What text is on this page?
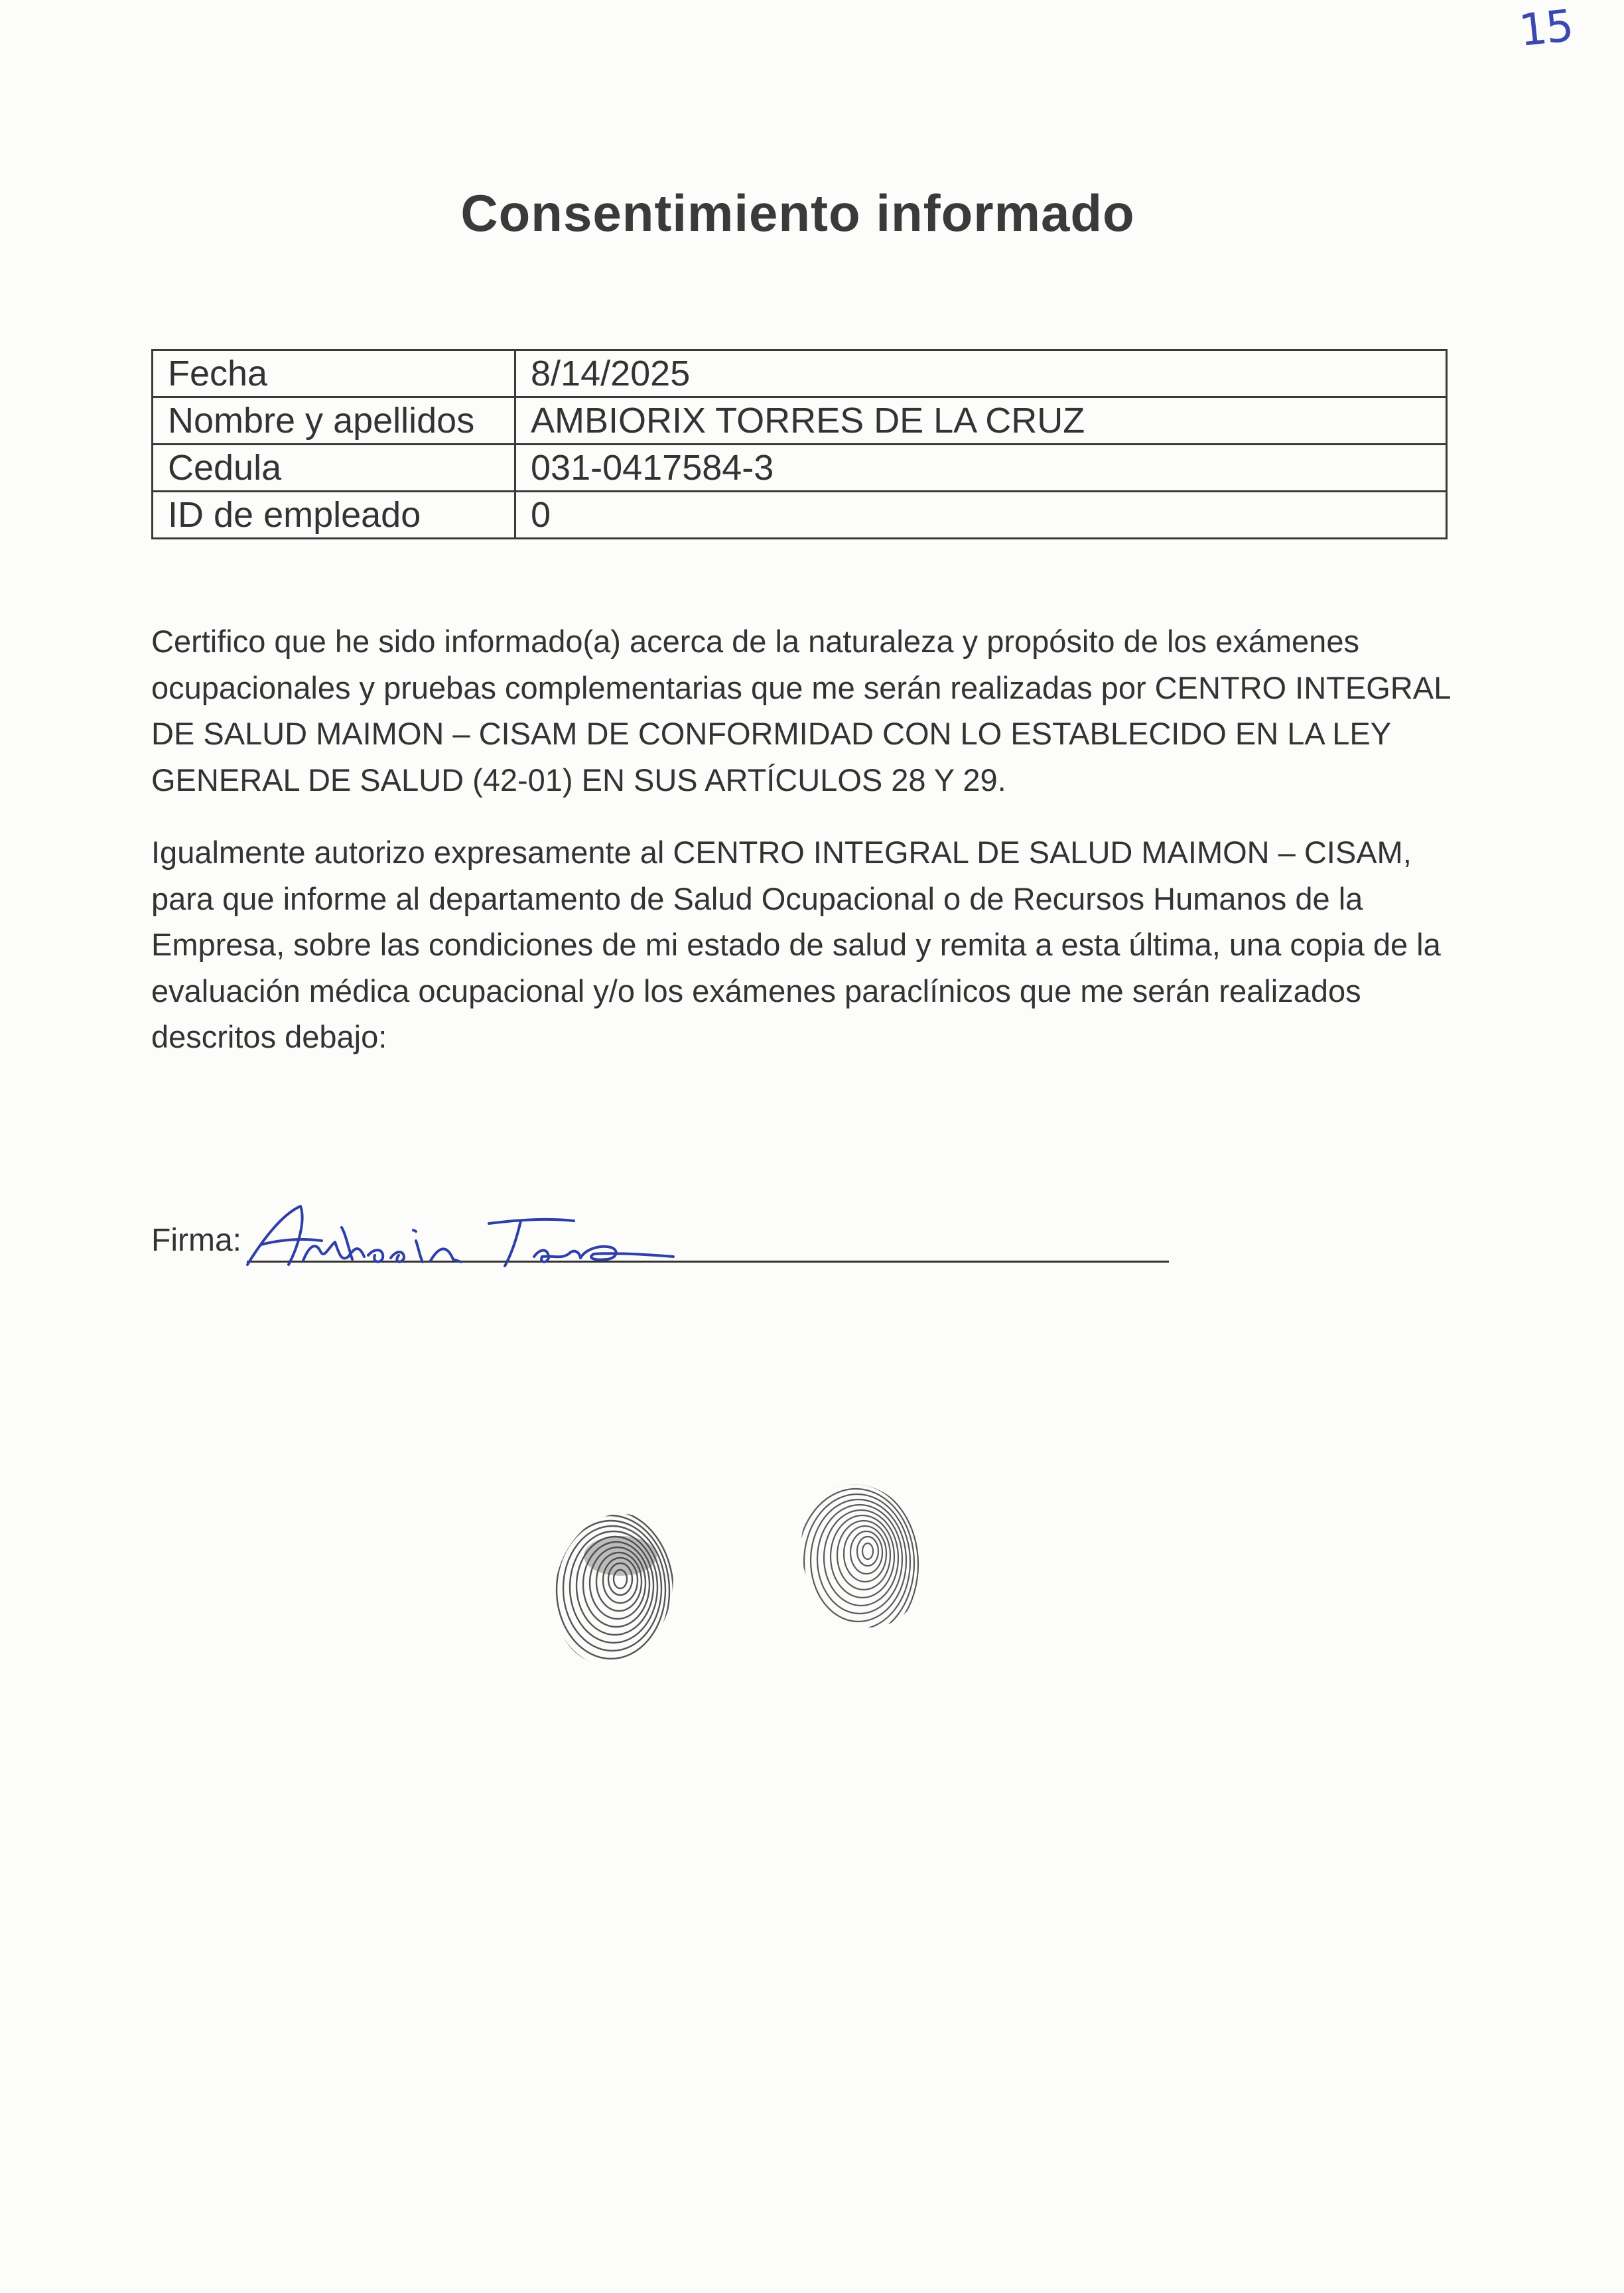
15
Consentimiento informado
Fecha	8/14/2025
Nombre y apellidos	AMBIORIX TORRES DE LA CRUZ
Cedula	031-0417584-3
ID de empleado	0

Certifico que he sido informado(a) acerca de la naturaleza y propósito de los exámenes ocupacionales y pruebas complementarias que me serán realizadas por CENTRO INTEGRAL DE SALUD MAIMON – CISAM DE CONFORMIDAD CON LO ESTABLECIDO EN LA LEY GENERAL DE SALUD (42-01) EN SUS ARTÍCULOS 28 Y 29.

Igualmente autorizo expresamente al CENTRO INTEGRAL DE SALUD MAIMON – CISAM, para que informe al departamento de Salud Ocupacional o de Recursos Humanos de la Empresa, sobre las condiciones de mi estado de salud y remita a esta última, una copia de la evaluación médica ocupacional y/o los exámenes paraclínicos que me serán realizados descritos debajo:

Firma:
